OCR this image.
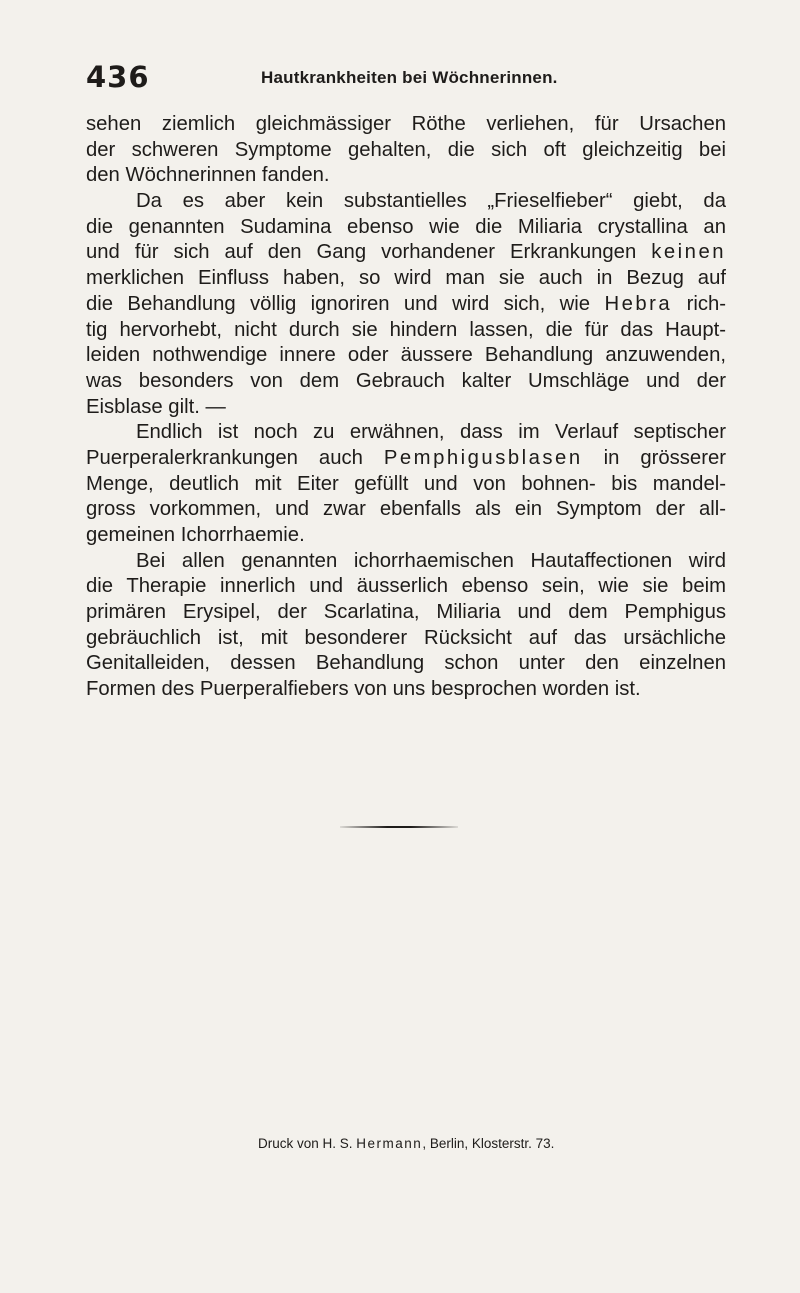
436	Hautkrankheiten bei Wöchnerinnen.
sehen ziemlich gleichmässiger Röthe verliehen, für Ursachen
der schweren Symptome gehalten, die sich oft gleichzeitig bei
den Wöchnerinnen fanden.
Da es aber kein substantielles „Frieselfieber“ giebt, da
die genannten Sudamina ebenso wie die Miliaria crystallina an
und für sich auf den Gang vorhandener Erkrankungen keinen
merklichen Einfluss haben, so wird man sie auch in Bezug auf
die Behandlung völlig ignoriren und wird sich, wie Hebra rich-
tig hervorhebt, nicht durch sie hindern lassen, die für das Haupt-
leiden nothwendige innere oder äussere Behandlung anzuwenden,
was besonders von dem Gebrauch kalter Umschläge und der
Eisblase gilt. —
Endlich ist noch zu erwähnen, dass im Verlauf septischer
Puerperalerkrankungen auch Pemphigusblasen in grösserer
Menge, deutlich mit Eiter gefüllt und von bohnen- bis mandel-
gross vorkommen, und zwar ebenfalls als ein Symptom der all-
gemeinen Ichorrhaemie.
Bei allen genannten ichorrhaemischen Hautaffectionen wird
die Therapie innerlich und äusserlich ebenso sein, wie sie beim
primären Erysipel, der Scarlatina, Miliaria und dem Pemphigus
gebräuchlich ist, mit besonderer Rücksicht auf das ursächliche
Genitalleiden, dessen Behandlung schon unter den einzelnen
Formen des Puerperalfiebers von uns besprochen worden ist.
Druck von H. S. Hermann, Berlin, Klosterstr. 73.
